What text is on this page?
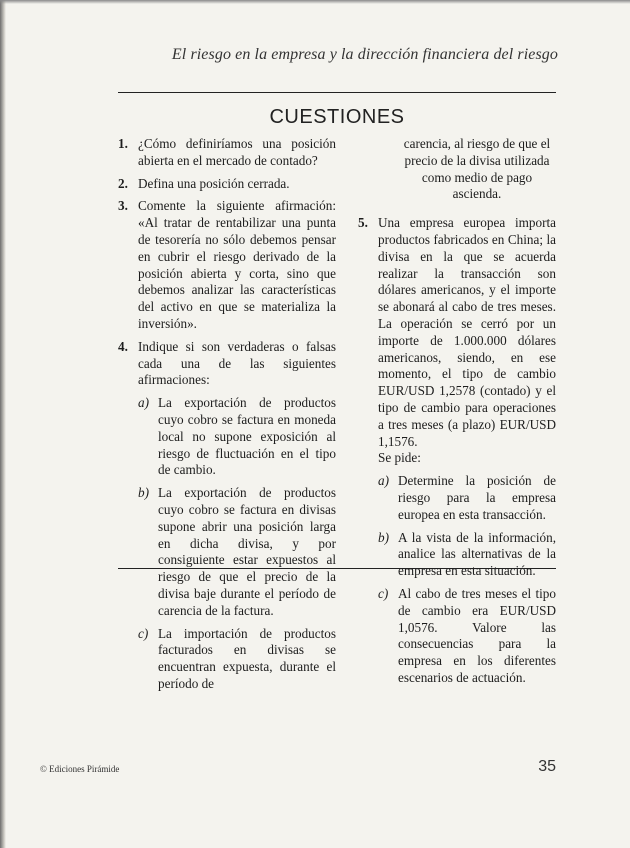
El riesgo en la empresa y la dirección financiera del riesgo
CUESTIONES
1. ¿Cómo definiríamos una posición abierta en el mercado de contado?

2. Defina una posición cerrada.

3. Comente la siguiente afirmación: «Al tratar de rentabilizar una punta de tesorería no sólo debemos pensar en cubrir el riesgo derivado de la posición abierta y corta, sino que debemos analizar las características del activo en que se materializa la inversión».

4. Indique si son verdaderas o falsas cada una de las siguientes afirmaciones:

a) La exportación de productos cuyo cobro se factura en moneda local no supone exposición al riesgo de fluctuación en el tipo de cambio.

b) La exportación de productos cuyo cobro se factura en divisas supone abrir una posición larga en dicha divisa, y por consiguiente estar expuestos al riesgo de que el precio de la divisa baje durante el período de carencia de la factura.

c) La importación de productos facturados en divisas se encuentran expuesta, durante el período de

carencia, al riesgo de que el precio de la divisa utilizada como medio de pago ascienda.

5. Una empresa europea importa productos fabricados en China; la divisa en la que se acuerda realizar la transacción son dólares americanos, y el importe se abonará al cabo de tres meses. La operación se cerró por un importe de 1.000.000 dólares americanos, siendo, en ese momento, el tipo de cambio EUR/USD 1,2578 (contado) y el tipo de cambio para operaciones a tres meses (a plazo) EUR/USD 1,1576.

Se pide:

a) Determine la posición de riesgo para la empresa europea en esta transacción.

b) A la vista de la información, analice las alternativas de la empresa en esta situación.

c) Al cabo de tres meses el tipo de cambio era EUR/USD 1,0576. Valore las consecuencias para la empresa en los diferentes escenarios de actuación.

© Ediciones Pirámide	35
